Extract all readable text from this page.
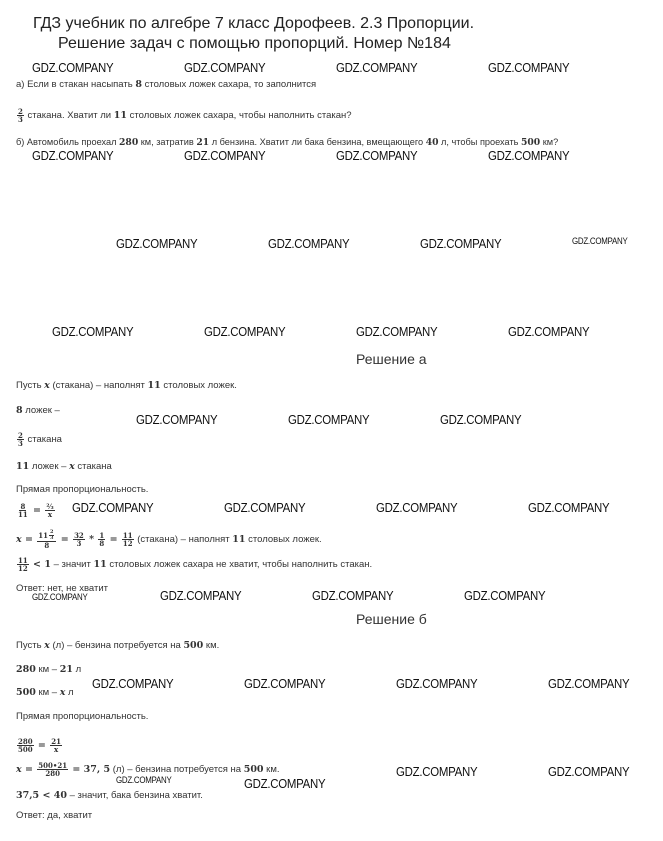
ГДЗ учебник по алгебре 7 класс Дорофеев. 2.3 Пропорции.
Решение задач с помощью пропорций. Номер №184
GDZ.COMPANY	GDZ.COMPANY	GDZ.COMPANY	GDZ.COMPANY
GDZ.COMPANY	GDZ.COMPANY	GDZ.COMPANY	GDZ.COMPANY
GDZ.COMPANY	GDZ.COMPANY	GDZ.COMPANY	GDZ.COMPANY
GDZ.COMPANY	GDZ.COMPANY	GDZ.COMPANY	GDZ.COMPANY
GDZ.COMPANY	GDZ.COMPANY	GDZ.COMPANY
GDZ.COMPANY	GDZ.COMPANY	GDZ.COMPANY	GDZ.COMPANY
GDZ.COMPANY	GDZ.COMPANY	GDZ.COMPANY	GDZ.COMPANY
GDZ.COMPANY	GDZ.COMPANY	GDZ.COMPANY	GDZ.COMPANY
GDZ.COMPANY	GDZ.COMPANY
GDZ.COMPANY	GDZ.COMPANY
а) Если в стакан насыпать 8 столовых ложек сахара, то заполнится
$\frac{2}{3}$ стакана. Хватит ли 11 столовых ложек сахара, чтобы наполнить стакан?
б) Автомобиль проехал 280 км, затратив 21 л бензина. Хватит ли бака бензина, вмещающего 40 л, чтобы проехать 500 км?
Решение а
Пусть x (стакана) – наполнят 11 столовых ложек.
8 ложек –
$\frac{2}{3}$ стакана
11 ложек – x стакана
Прямая пропорциональность.
$\frac{8}{11} = \frac{\text{⅔}}{x}$
$x = \frac{11 \frac{2}{3}}{8} = \frac{32}{3} * \frac{1}{8} = \frac{11}{12}$ (стакана) – наполнят 11 столовых ложек.
$\frac{11}{12} < 1$ – значит 11 столовых ложек сахара не хватит, чтобы наполнить стакан.
Ответ: нет, не хватит
Решение б
Пусть x (л) – бензина потребуется на 500 км.
280 км – 21 л
500 км – x л
Прямая пропорциональность.
$\frac{280}{500} = \frac{21}{x}$
$x = \frac{500•21}{280} = 37$, 5 (л) – бензина потребуется на 500 км.
37,5 < 40 – значит, бака бензина хватит.
Ответ: да, хватит
